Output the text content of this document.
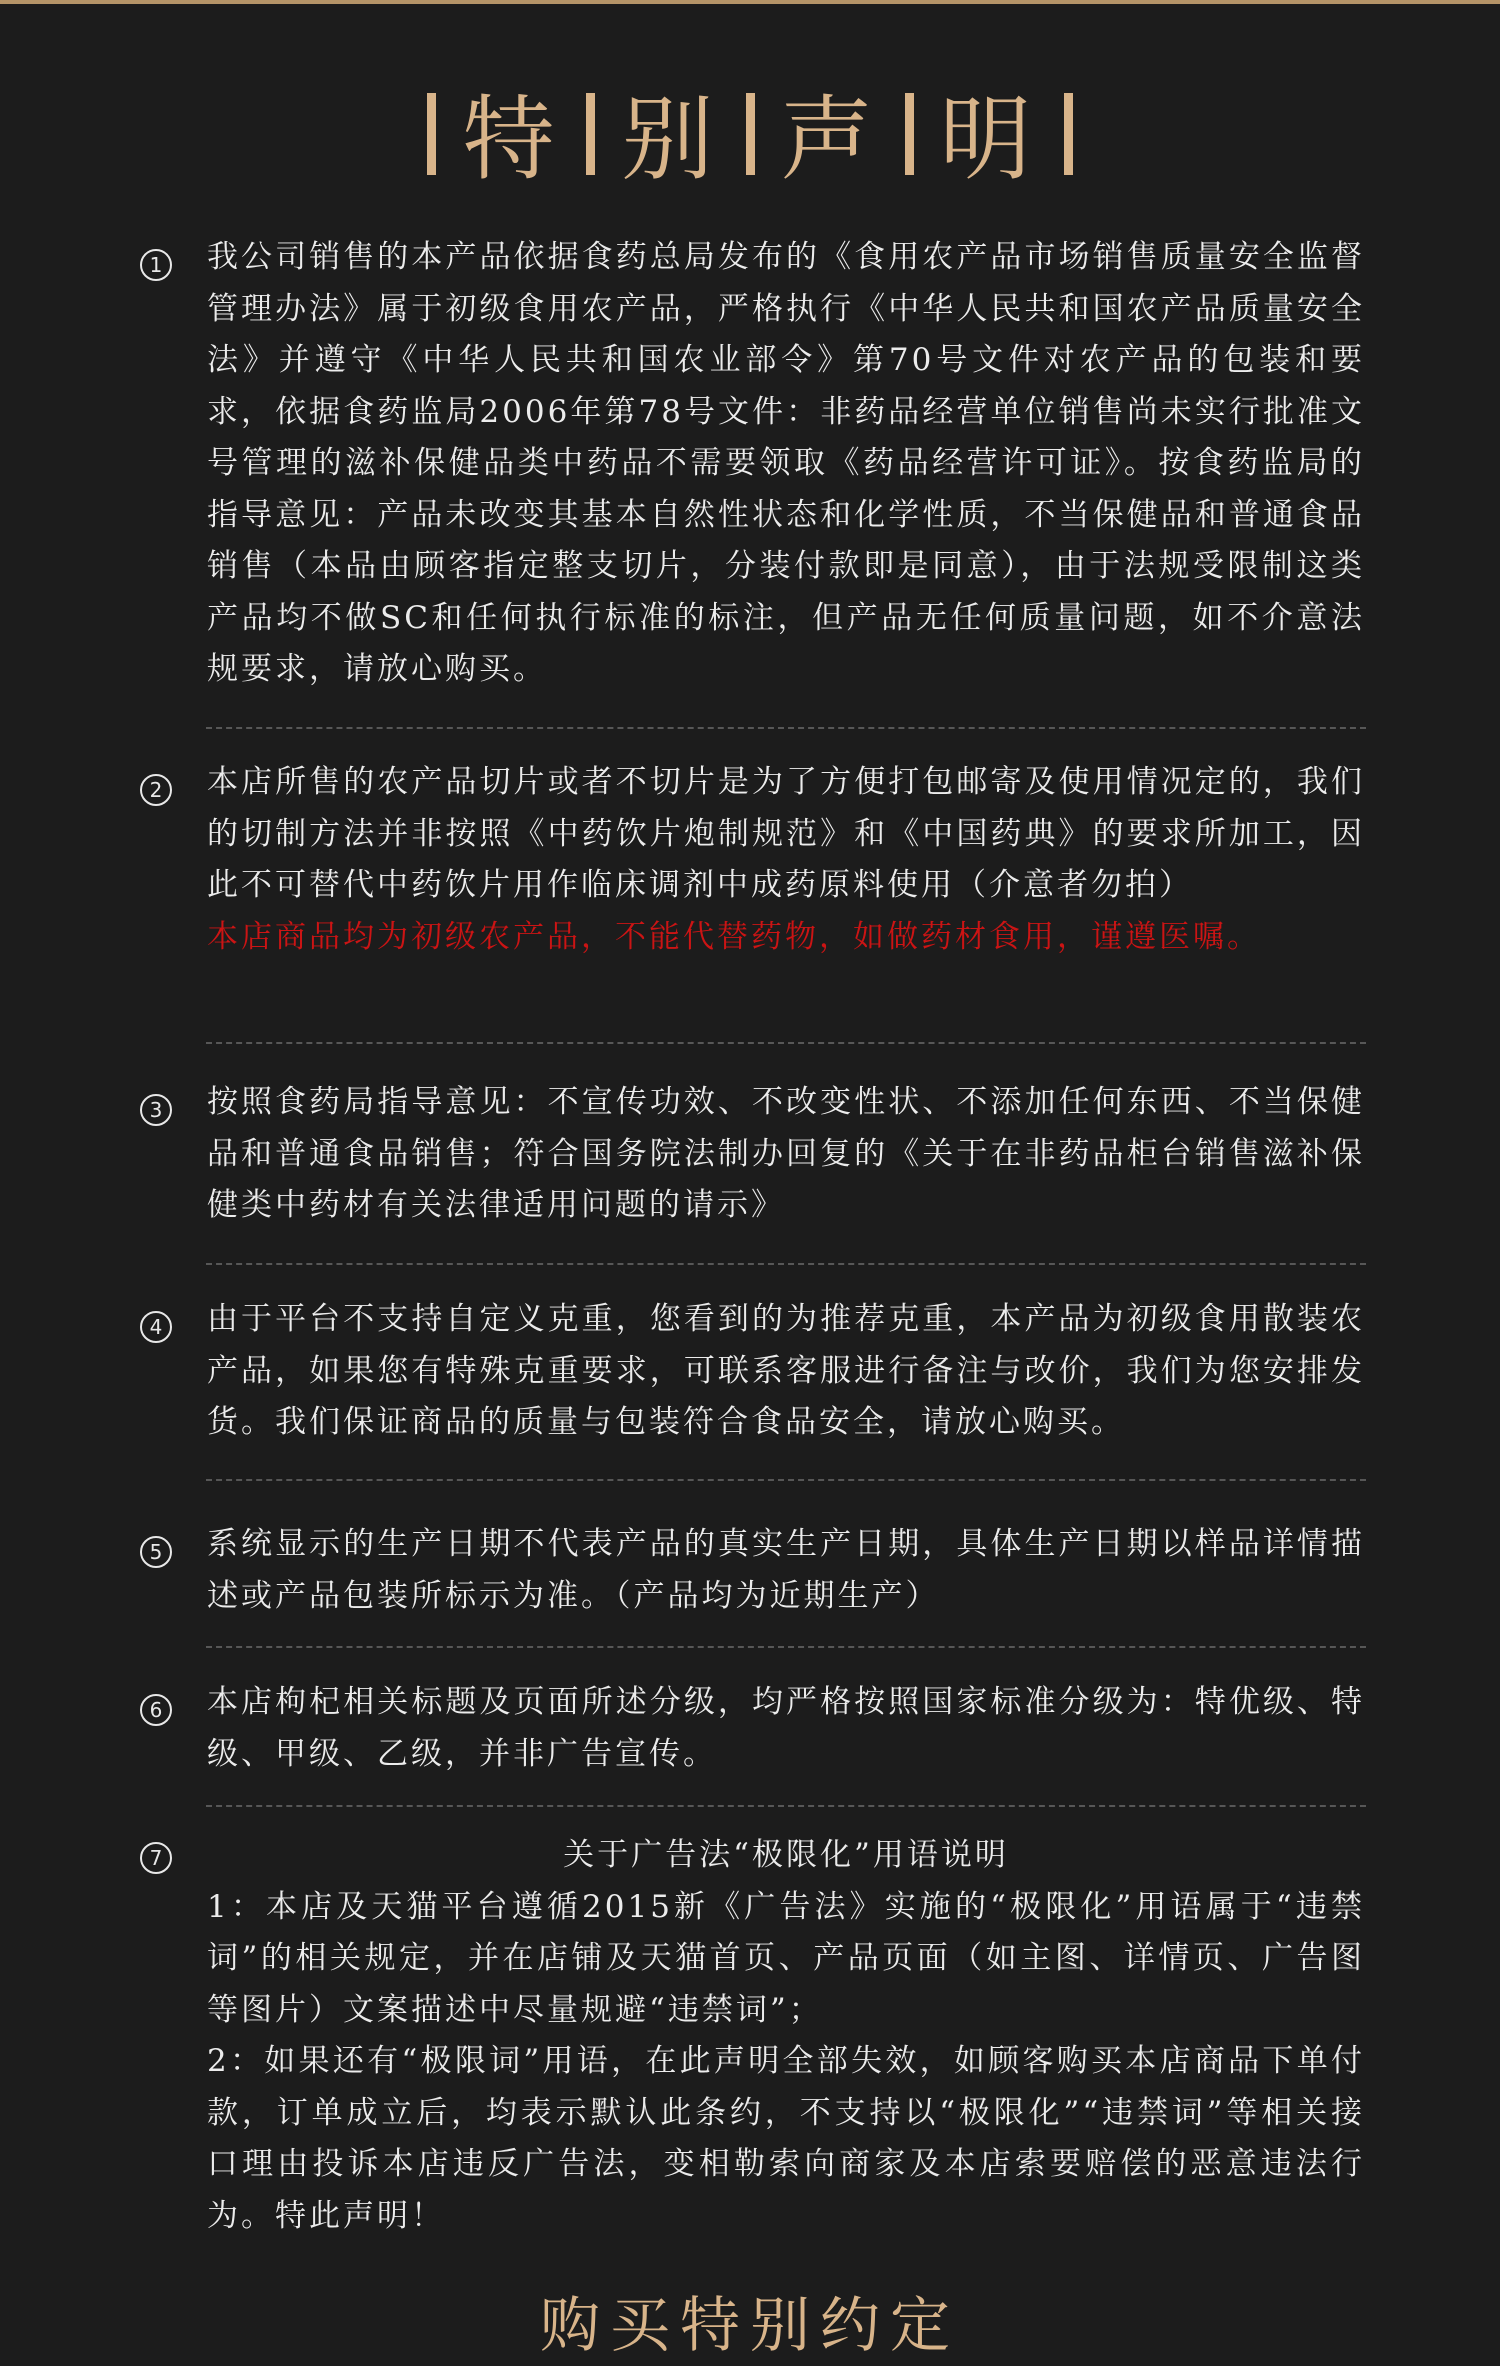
特 别 声 明
1	我公司销售的本产品依据食药总局发布的《食用农产品市场销售质量安全监督管理办法》属于初级食用农产品，严格执行《中华人民共和国农产品质量安全法》并遵守《中华人民共和国农业部令》第70号文件对农产品的包装和要求，依据食药监局2006年第78号文件：非药品经营单位销售尚未实行批准文号管理的滋补保健品类中药品不需要领取《药品经营许可证》。按食药监局的指导意见：产品未改变其基本自然性状态和化学性质，不当保健品和普通食品销售（本品由顾客指定整支切片，分装付款即是同意），由于法规受限制这类产品均不做SC和任何执行标准的标注，但产品无任何质量问题，如不介意法规要求，请放心购买。

2	本店所售的农产品切片或者不切片是为了方便打包邮寄及使用情况定的，我们的切制方法并非按照《中药饮片炮制规范》和《中国药典》的要求所加工，因此不可替代中药饮片用作临床调剂中成药原料使用（介意者勿拍）

本店商品均为初级农产品，不能代替药物，如做药材食用，谨遵医嘱。

3	按照食药局指导意见：不宣传功效、不改变性状、不添加任何东西、不当保健品和普通食品销售；符合国务院法制办回复的《关于在非药品柜台销售滋补保健类中药材有关法律适用问题的请示》

4	由于平台不支持自定义克重，您看到的为推荐克重，本产品为初级食用散装农产品，如果您有特殊克重要求，可联系客服进行备注与改价，我们为您安排发货。我们保证商品的质量与包装符合食品安全，请放心购买。

5	系统显示的生产日期不代表产品的真实生产日期，具体生产日期以样品详情描述或产品包装所标示为准。（产品均为近期生产）

6	本店枸杞相关标题及页面所述分级，均严格按照国家标准分级为：特优级、特级、甲级、乙级，并非广告宣传。

7	关于广告法“极限化”用语说明

1：本店及天猫平台遵循2015新《广告法》实施的“极限化”用语属于“违禁词”的相关规定，并在店铺及天猫首页、产品页面（如主图、详情页、广告图等图片）文案描述中尽量规避“违禁词”；

2：如果还有“极限词”用语，在此声明全部失效，如顾客购买本店商品下单付款，订单成立后，均表示默认此条约，不支持以“极限化”“违禁词”等相关接口理由投诉本店违反广告法，变相勒索向商家及本店索要赔偿的恶意违法行为。特此声明！

购买特别约定
